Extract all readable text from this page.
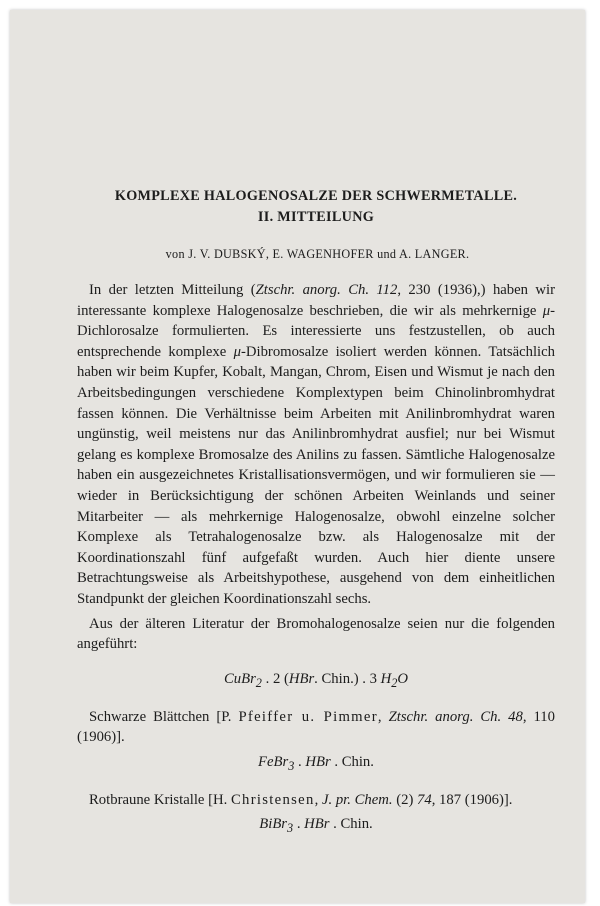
KOMPLEXE HALOGENOSALZE DER SCHWERMETALLE.
II. MITTEILUNG
von J. V. DUBSKÝ, E. WAGENHOFER und A. LANGER.

In der letzten Mitteilung (Ztschr. anorg. Ch. 112, 230 (1936),) haben wir interessante komplexe Halogenosalze beschrieben, die wir als mehrkernige μ-Dichlorosalze formulierten. Es interessierte uns festzustellen, ob auch entsprechende komplexe μ-Dibromosalze isoliert werden können. Tatsächlich haben wir beim Kupfer, Kobalt, Mangan, Chrom, Eisen und Wismut je nach den Arbeitsbedingungen verschiedene Komplextypen beim Chinolinbromhydrat fassen können. Die Verhältnisse beim Arbeiten mit Anilinbromhydrat waren ungünstig, weil meistens nur das Anilinbromhydrat ausfiel; nur bei Wismut gelang es komplexe Bromosalze des Anilins zu fassen. Sämtliche Halogenosalze haben ein ausgezeichnetes Kristallisationsvermögen, und wir formulieren sie — wieder in Berücksichtigung der schönen Arbeiten Weinlands und seiner Mitarbeiter — als mehrkernige Halogenosalze, obwohl einzelne solcher Komplexe als Tetrahalogenosalze bzw. als Halogenosalze mit der Koordinationszahl fünf aufgefaßt wurden. Auch hier diente unsere Betrachtungsweise als Arbeitshypothese, ausgehend von dem einheitlichen Standpunkt der gleichen Koordinationszahl sechs.

Aus der älteren Literatur der Bromohalogenosalze seien nur die folgenden angeführt:

CuBr$_2$ . 2 (HBr. Chin.) . 3 $H_2O$

Schwarze Blättchen [P. Pfeiffer u. Pimmer, Ztschr. anorg. Ch. 48, 110 (1906)].

FeBr$_3$ . HBr . Chin.

Rotbraune Kristalle [H. Christensen, J. pr. Chem. (2) 74, 187 (1906)].

BiBr$_3$ . HBr . Chin.
